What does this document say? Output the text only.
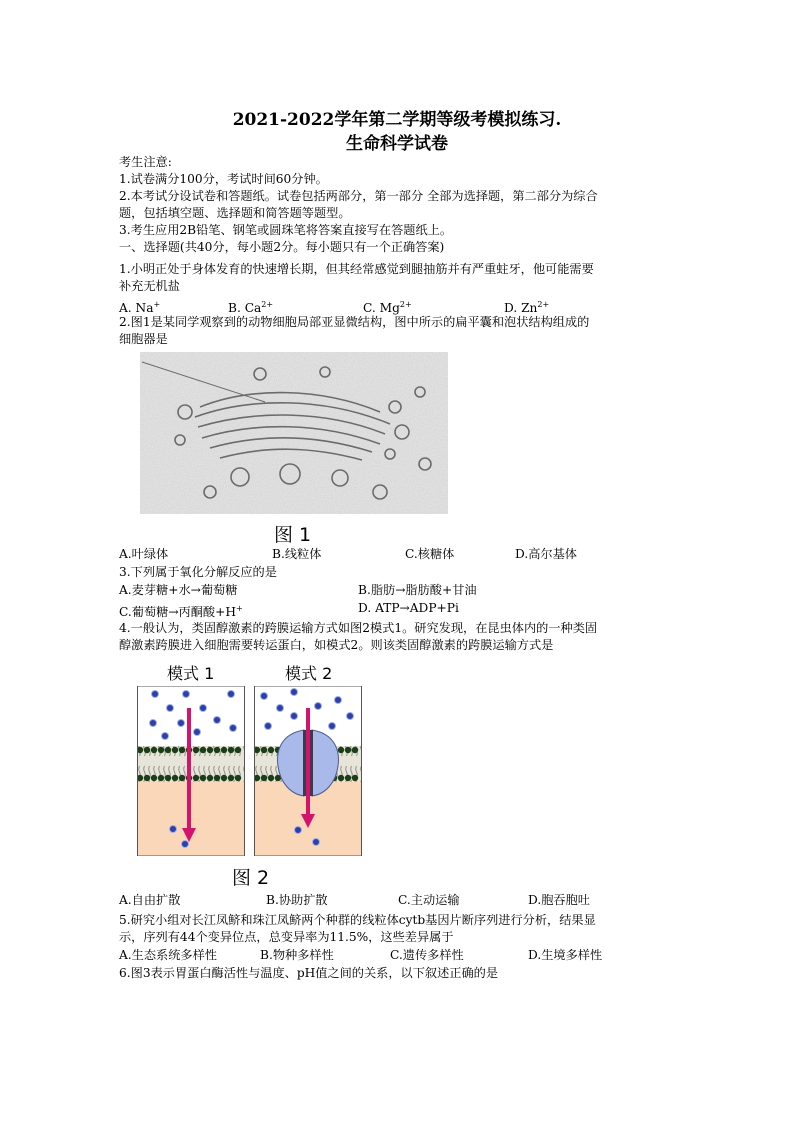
2021-2022学年第二学期等级考模拟练习.
生命科学试卷
考生注意:
1.试卷满分100分，考试时间60分钟。
2.本考试分设试卷和答题纸。试卷包括两部分，第一部分 全部为选择题，第二部分为综合
题，包括填空题、选择题和简答题等题型。
3.考生应用2B铅笔、钢笔或圆珠笔将答案直接写在答题纸上。
一、选择题(共40分，每小题2分。每小题只有一个正确答案)
1.小明正处于身体发育的快速增长期，但其经常感觉到腿抽筋并有严重蛀牙，他可能需要
补充无机盐
A. Na+	B. $Ca^{2+}$	C. $Mg^{2+}$	D. $Zn^{2+}$
2.图1是某同学观察到的动物细胞局部亚显微结构，图中所示的扁平囊和泡状结构组成的
细胞器是
图 1
A.叶绿体	B.线粒体	C.核糖体	D.高尔基体
3.下列属于氧化分解反应的是
A.麦芽糖+水→葡萄糖	B.脂肪→脂肪酸+甘油
C.葡萄糖→丙酮酸+H+	D. ATP→ADP+Pi
4.一般认为，类固醇激素的跨膜运输方式如图2模式1。研究发现，在昆虫体内的一种类固
醇激素跨膜进入细胞需要转运蛋白，如模式2。则该类固醇激素的跨膜运输方式是
模式 1	模式 2
图 2
A.自由扩散	B.协助扩散	C.主动运输	D.胞吞胞吐
5.研究小组对长江凤鲚和珠江凤鲚两个种群的线粒体cytb基因片断序列进行分析，结果显
示，序列有44个变异位点，总变异率为11.5%，这些差异属于
A.生态系统多样性	B.物种多样性	C.遗传多样性	D.生境多样性
6.图3表示胃蛋白酶活性与温度、pH值之间的关系，以下叙述正确的是
